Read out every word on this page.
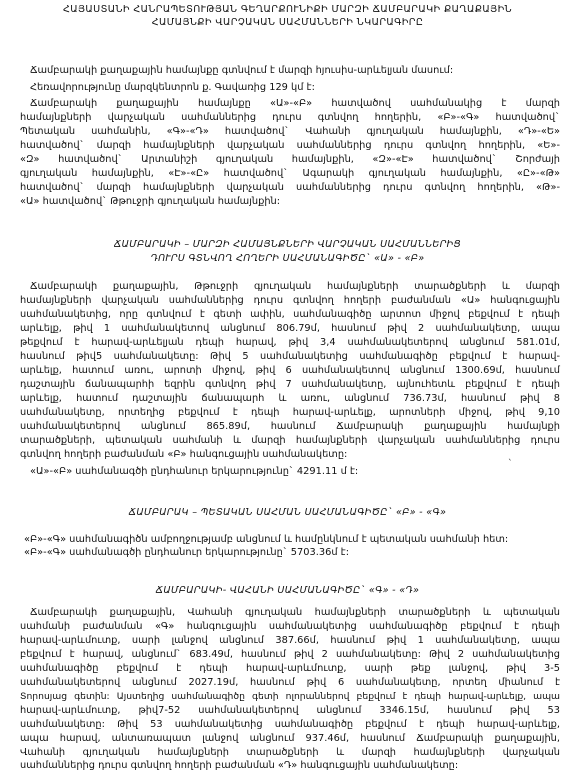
ՀԱՅԱՍՏԱՆԻ ՀԱՆՐԱՊԵՏՈՒԹՅԱՆ ԳԵՂԱՐՔՈՒՆԻՔԻ ՄԱՐԶԻ ՃԱՄԲԱՐԱԿԻ ՔԱՂԱՔԱՅԻՆ
ՀԱՄԱՅՆՔԻ ՎԱՐՉԱԿԱՆ ՍԱՀՄԱՆՆԵՐԻ ՆԿԱՐԱԳԻՐԸ
Ճամբարակի քաղաքային համայնքը գտնվում է մարզի հյուսիս-արևելյան մասում:
Հեռավորությունը մարզկենտրոն ք. Գավառից 129 կմ է:
Ճամբարակի քաղաքային համայնքը «Ա»-«Բ» հատվածով սահմանակից է մարզի
համայնքների վարչական սահմաններից դուրս գտնվող հողերին, «Բ»-«Գ» հատվածով`
Պետական սահմանին, «Գ»-«Դ» հատվածով` Վահանի գյուղական համայնքին, «Դ»-«Ե»
հատվածով` մարզի համայնքների վարչական սահմաններից դուրս գտնվող հողերին, «Ե»-
«Զ» հատվածով` Արտանիշի գյուղական համայնքին, «Զ»-«Է» հատվածով` Շորժայի
գյուղական համայնքին, «Է»-«Ը» հատվածով` Ագարակի գյուղական համայնքին, «Ը»-«Թ»
հատվածով` մարզի համայնքների վարչական սահմաններից դուրս գտնվող հողերին, «Թ»-
«Ա» հատվածով` Թթուջրի գյուղական համայնքին:
ՃԱՄԲԱՐԱԿԻ – ՄԱՐԶԻ ՀԱՄԱՅՆՔՆԵՐԻ ՎԱՐՉԱԿԱՆ ՍԱՀՄԱՆՆԵՐԻՑ
ԴՈՒՐՍ ԳՏՆՎՈՂ ՀՈՂԵՐԻ ՍԱՀՄԱՆԱԳԻԾԸ` «Ա» - «Բ»
Ճամբարակի քաղաքային, Թթուջրի գյուղական համայնքների տարածքների և մարզի
համայնքների վարչական սահմաններից դուրս գտնվող հողերի բաժանման «Ա» հանգուցային
սահմանակետից, որը գտնվում է գետի ափին, սահմանագիծը արտոտ միջով բեքվում է դեպի
արևելք, թիվ 1 սահմանակետով անցնում 806.79մ, հասնում թիվ 2 սահմանակետը, ապա
թեքվում է հարավ-արևելյան դեպի հարավ, թիվ 3,4 սահմանակետերով անցնում 581.01մ,
հասնում թիվ5 սահմանակետը: Թիվ 5 սահմանակետից սահմանագիծը բեքվում է հարավ-
արևելք, հատում առու, արոտի միջով, թիվ 6 սահմանակետով անցնում 1300.69մ, հասնում
դաշտային ճանապարհի եզրին գտնվող թիվ 7 սահմանակետը, այնուհետև բեքվում է դեպի
արևելք, հատում դաշտային ճանապարհ և առու, անցնում 736.73մ, հասնում թիվ 8
սահմանակետը, որտեղից բեքվում է դեպի հարավ-արևելք, արոտների միջով, թիվ 9,10
սահմանակետերով անցնում 865.89մ, հասնում Ճամբարակի քաղաքային համայնքի
տարածքների, պետական սահմանի և մարզի համայնքների վարչական սահմաններից դուրս
գտնվող հողերի բաժանման «Բ» հանգուցային սահմանակետը:
«Ա»-«Բ» սահմանագծի ընդհանուր երկարությունը` 4291.11 մ է:
`
ՃԱՄԲԱՐԱԿ – ՊԵՏԱԿԱՆ ՍԱՀՄԱՆ ՍԱՀՄԱՆԱԳԻԾԸ` «Բ» - «Գ»
«Բ»-«Գ» սահմանագիծն ամբողջությամբ անցնում և համընկնում է պետական սահմանի հետ:
«Բ»-«Գ» սահմանագծի ընդհանուր երկարությունը` 5703.36մ է:
ՃԱՄԲԱՐԱԿԻ- ՎԱՀԱՆԻ ՍԱՀՄԱՆԱԳԻԾԸ` «Գ» - «Դ»
Ճամբարակի քաղաքային, Վահանի գյուղական համայնքների տարածքների և պետական
սահմանի բաժանման «Գ» հանգուցային սահմանակետից սահմանագիծը բեքվում է դեպի
հարավ-արևմուտք, սարի լանջով անցնում 387.66մ, հասնում թիվ 1 սահմանակետը, ապա
բեքվում է հարավ, անցնում` 683.49մ, հասնում թիվ 2 սահմանակետը: Թիվ 2 սահմանակետից
սահմանագիծը բեքվում է դեպի հարավ-արևմուտք, սարի թեք լանջով, թիվ 3-5
սահմանակետերով անցնում 2027.19մ, հասնում թիվ 6 սահմանակետը, որտեղ միանում է
Տորոսյաց գետին: Այստեղից սահմանագիծը գետի ոլորաններով բեքվում է դեպի հարավ-արևելք, ապա
հարավ-արևմուտք, թիվ7-52 սահմանակետերով անցնում 3346.15մ, հասնում թիվ 53
սահմանակետը: Թիվ 53 սահմանակետից սահմանագիծը բեքվում է դեպի հարավ-արևելք,
ապա հարավ, անտառապատ լանջով անցնում 937.46մ, հասնում Ճամբարակի քաղաքային,
Վահանի գյուղական համայնքների տարածքների և մարզի համայնքների վարչական
սահմաններից դուրս գտնվող հողերի բաժանման «Դ» հանգուցային սահմանակետը:
